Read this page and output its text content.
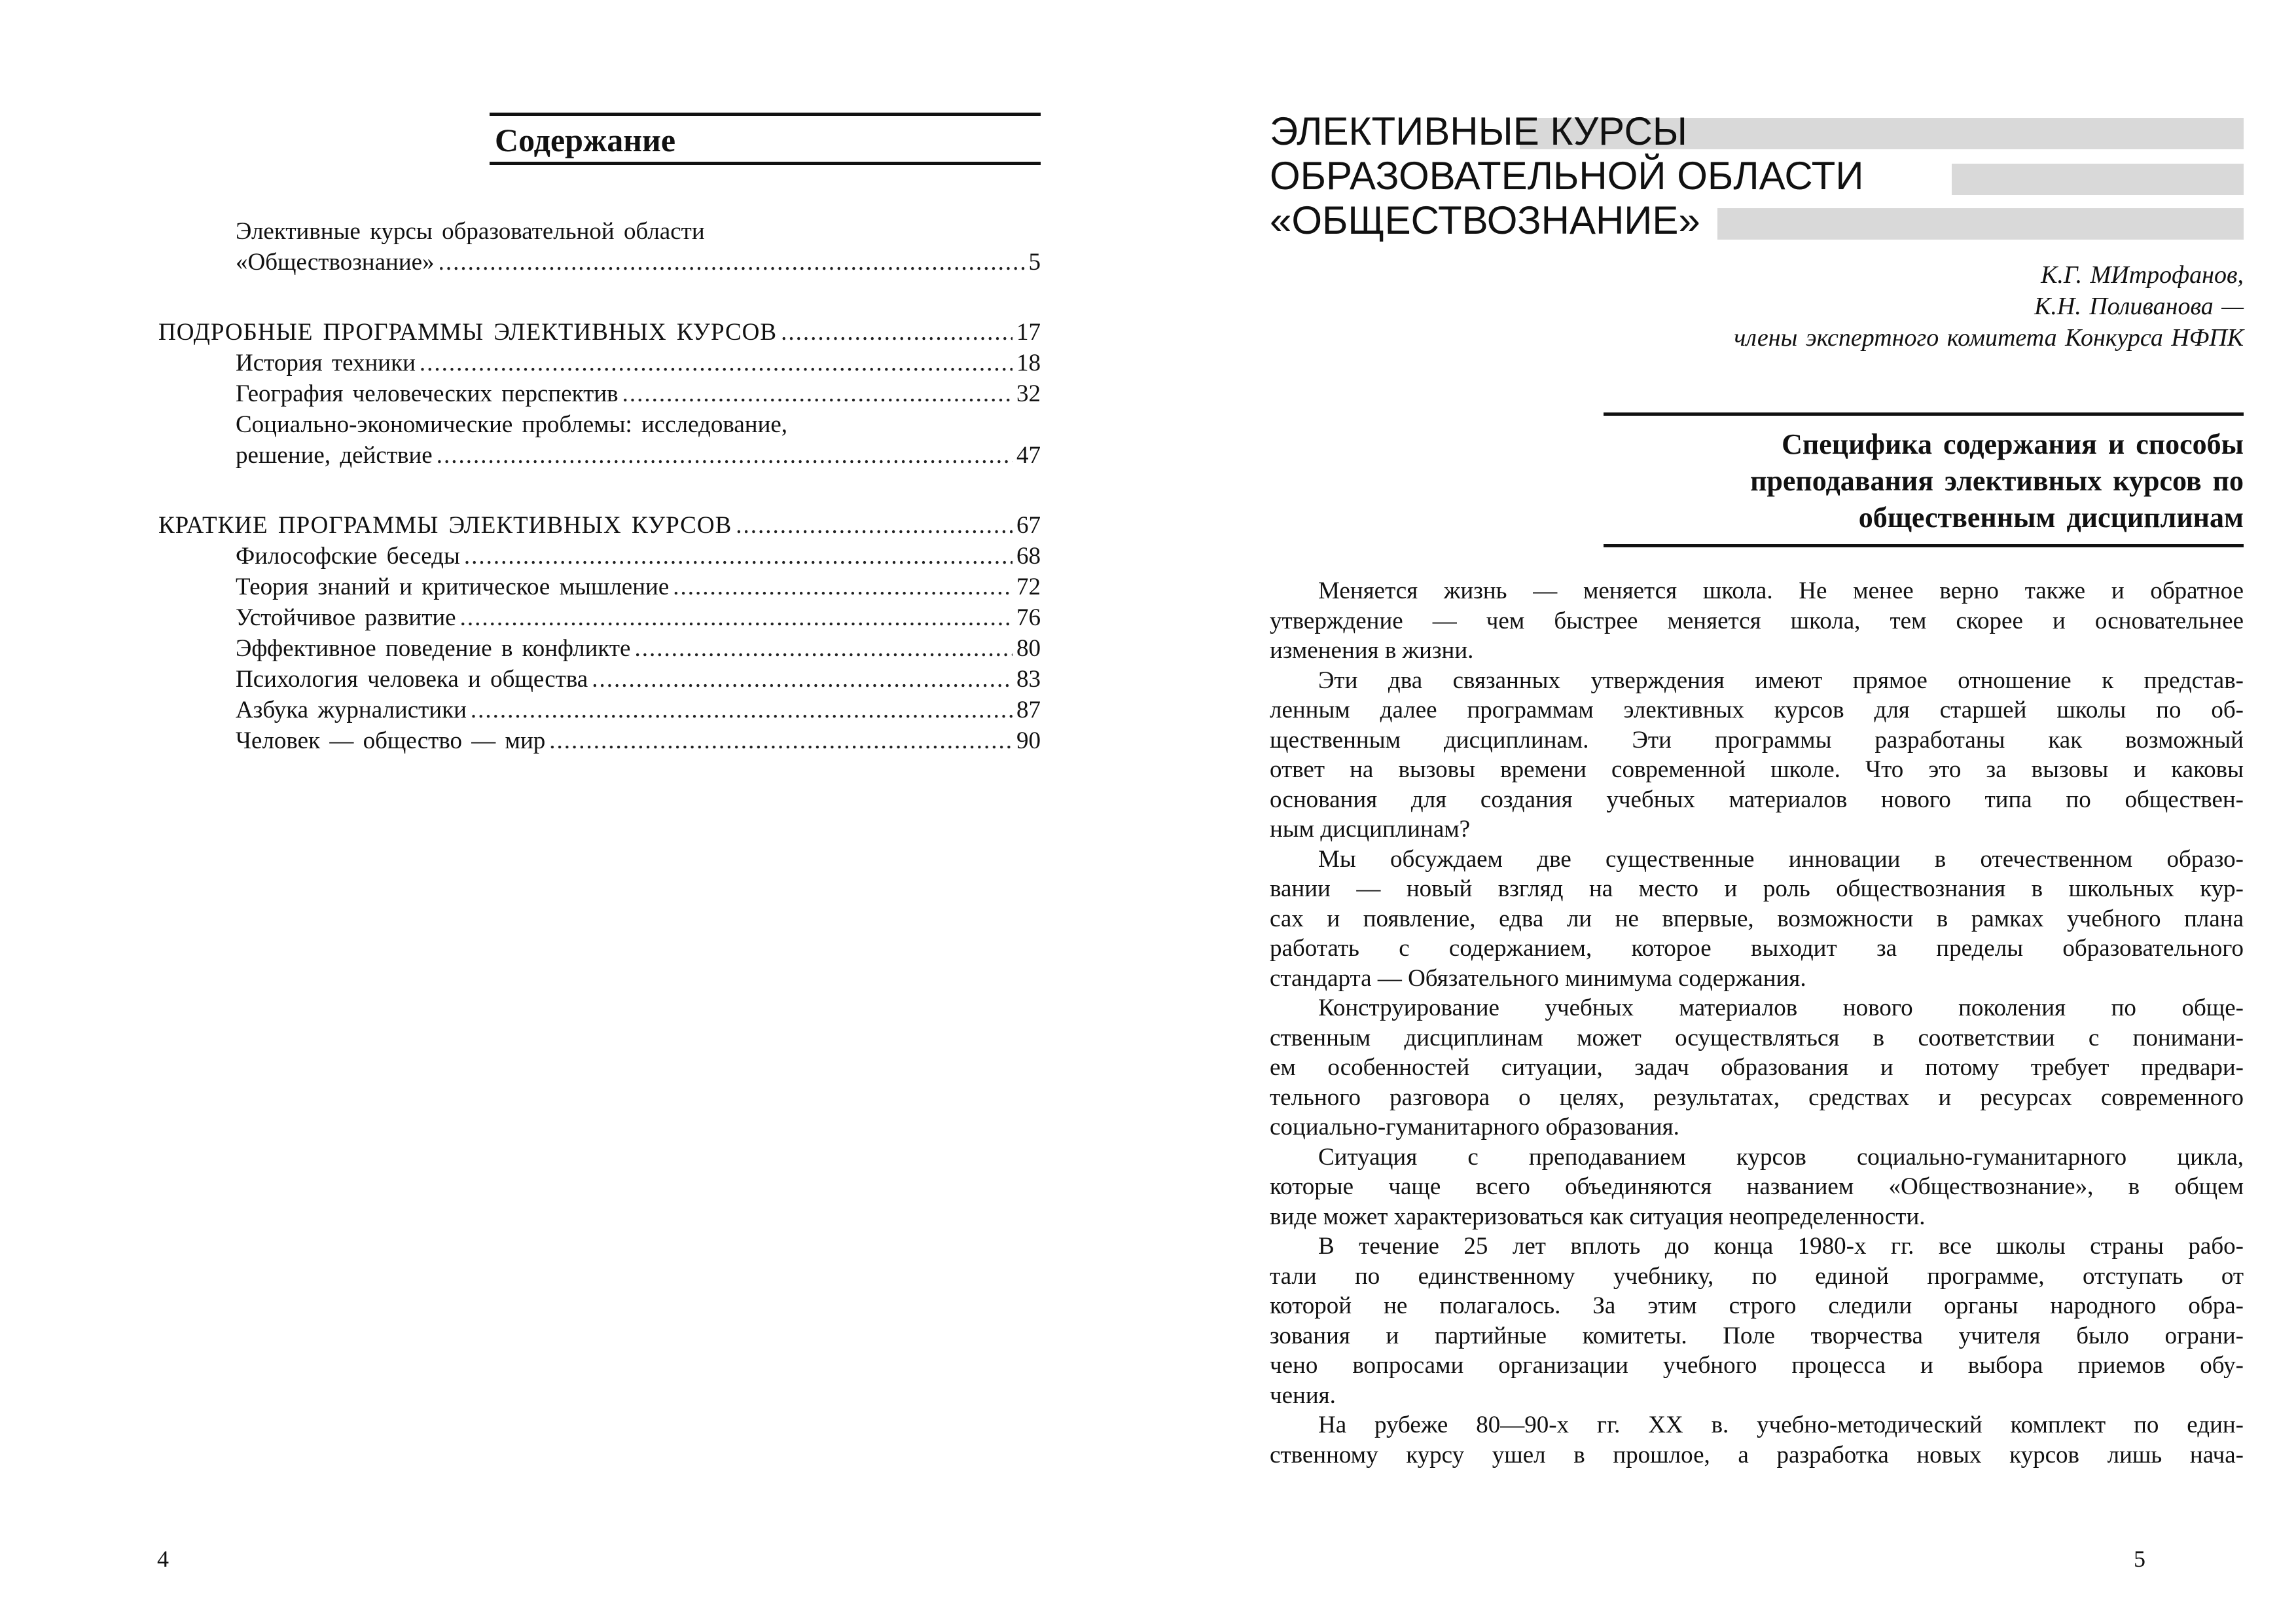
Содержание
Элективные курсы образовательной области
«Обществознание» .....	5
ПОДРОБНЫЕ ПРОГРАММЫ ЭЛЕКТИВНЫХ КУРСОВ .....	17
История техники .....	18
География человеческих перспектив .....	32
Социально-экономические проблемы: исследование,
решение, действие .....	47
КРАТКИЕ ПРОГРАММЫ ЭЛЕКТИВНЫХ КУРСОВ .....	67
Философские беседы .....	68
Теория знаний и критическое мышление .....	72
Устойчивое развитие .....	76
Эффективное поведение в конфликте .....	80
Психология человека и общества .....	83
Азбука журналистики .....	87
Человек — общество — мир .....	90
4
ЭЛЕКТИВНЫЕ КУРСЫ
ОБРАЗОВАТЕЛЬНОЙ ОБЛАСТИ
«ОБЩЕСТВОЗНАНИЕ»
К.Г. МИтрофанов,
К.Н. Поливанова —
члены экспертного комитета Конкурса НФПК
Специфика содержания и способы
преподавания элективных курсов по
общественным дисциплинам
Меняется жизнь — меняется школа. Не менее верно также и обратное
утверждение — чем быстрее меняется школа, тем скорее и основательнее
изменения в жизни.
Эти два связанных утверждения имеют прямое отношение к представ-
ленным далее программам элективных курсов для старшей школы по об-
щественным дисциплинам. Эти программы разработаны как возможный
ответ на вызовы времени современной школе. Что это за вызовы и каковы
основания для создания учебных материалов нового типа по обществен-
ным дисциплинам?
Мы обсуждаем две существенные инновации в отечественном образо-
вании — новый взгляд на место и роль обществознания в школьных кур-
сах и появление, едва ли не впервые, возможности в рамках учебного плана
работать с содержанием, которое выходит за пределы образовательного
стандарта — Обязательного минимума содержания.
Конструирование учебных материалов нового поколения по обще-
ственным дисциплинам может осуществляться в соответствии с понимани-
ем особенностей ситуации, задач образования и потому требует предвари-
тельного разговора о целях, результатах, средствах и ресурсах современного
социально-гуманитарного образования.
Ситуация с преподаванием курсов социально-гуманитарного цикла,
которые чаще всего объединяются названием «Обществознание», в общем
виде может характеризоваться как ситуация неопределенности.
В течение 25 лет вплоть до конца 1980-х гг. все школы страны рабо-
тали по единственному учебнику, по единой программе, отступать от
которой не полагалось. За этим строго следили органы народного обра-
зования и партийные комитеты. Поле творчества учителя было ограни-
чено вопросами организации учебного процесса и выбора приемов обу-
чения.
На рубеже 80—90-х гг. XX в. учебно-методический комплект по един-
ственному курсу ушел в прошлое, а разработка новых курсов лишь нача-
5
